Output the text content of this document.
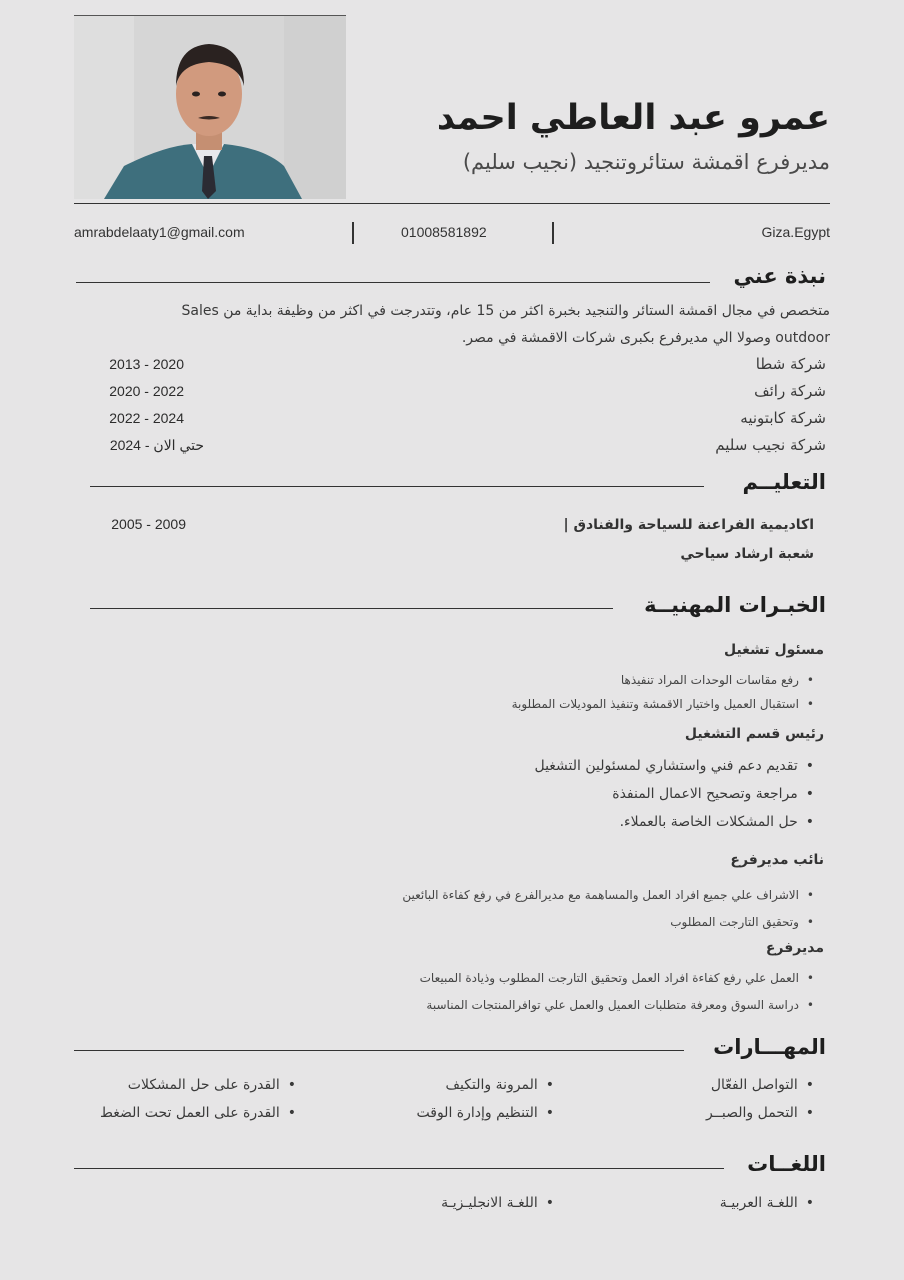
عمرو عبد العاطي احمد
مديرفرع اقمشة ستائروتنجيد (نجيب سليم)
amrabdelaaty1@gmail.com	01008581892	Giza.Egypt
نبذة عني
متخصص في مجال اقمشة الستائر والتنجيد بخبرة اكثر من 15 عام، وتتدرجت في اكثر من وظيفة بداية من Sales
outdoor وصولا الي مديرفرع بكبرى شركات الاقمشة في مصر.
شركة شطا
2013 - 2020
شركة رائف
2020 - 2022
شركة كابتونيه
2022 - 2024
شركة نجيب سليم
2024 - حتي الان
التعليــم
اكاديمية الفراعنة للسياحة والفنادق |
2005 - 2009
شعبة ارشاد سياحي
الخبـرات المهنيــة
مسئول تشغيل
• رفع مقاسات الوحدات المراد تنفيذها
• استقبال العميل واختيار الاقمشة وتنفيذ الموديلات المطلوبة
رئيس قسم التشغيل
• تقديم دعم فني واستشاري لمسئولين التشغيل
• مراجعة وتصحيح الاعمال المنفذة
• حل المشكلات الخاصة بالعملاء.
نائب مديرفرع
• الاشراف علي جميع افراد العمل والمساهمة مع مديرالفرع في رفع كفاءة البائعين
• وتحقيق التارجت المطلوب
مديرفرع
• العمل علي رفع كفاءة افراد العمل وتحقيق التارجت المطلوب وذيادة المبيعات
• دراسة السوق ومعرفة متطلبات العميل والعمل علي توافرالمنتجات المناسبة
المهـــارات
• التواصل الفعّال
• المرونة والتكيف
• القدرة على حل المشكلات
• التحمل والصبــر
• التنظيم وإدارة الوقت
• القدرة على العمل تحت الضغط
اللغــات
• اللغـة العربيـة
• اللغـة الانجليـزيـة
